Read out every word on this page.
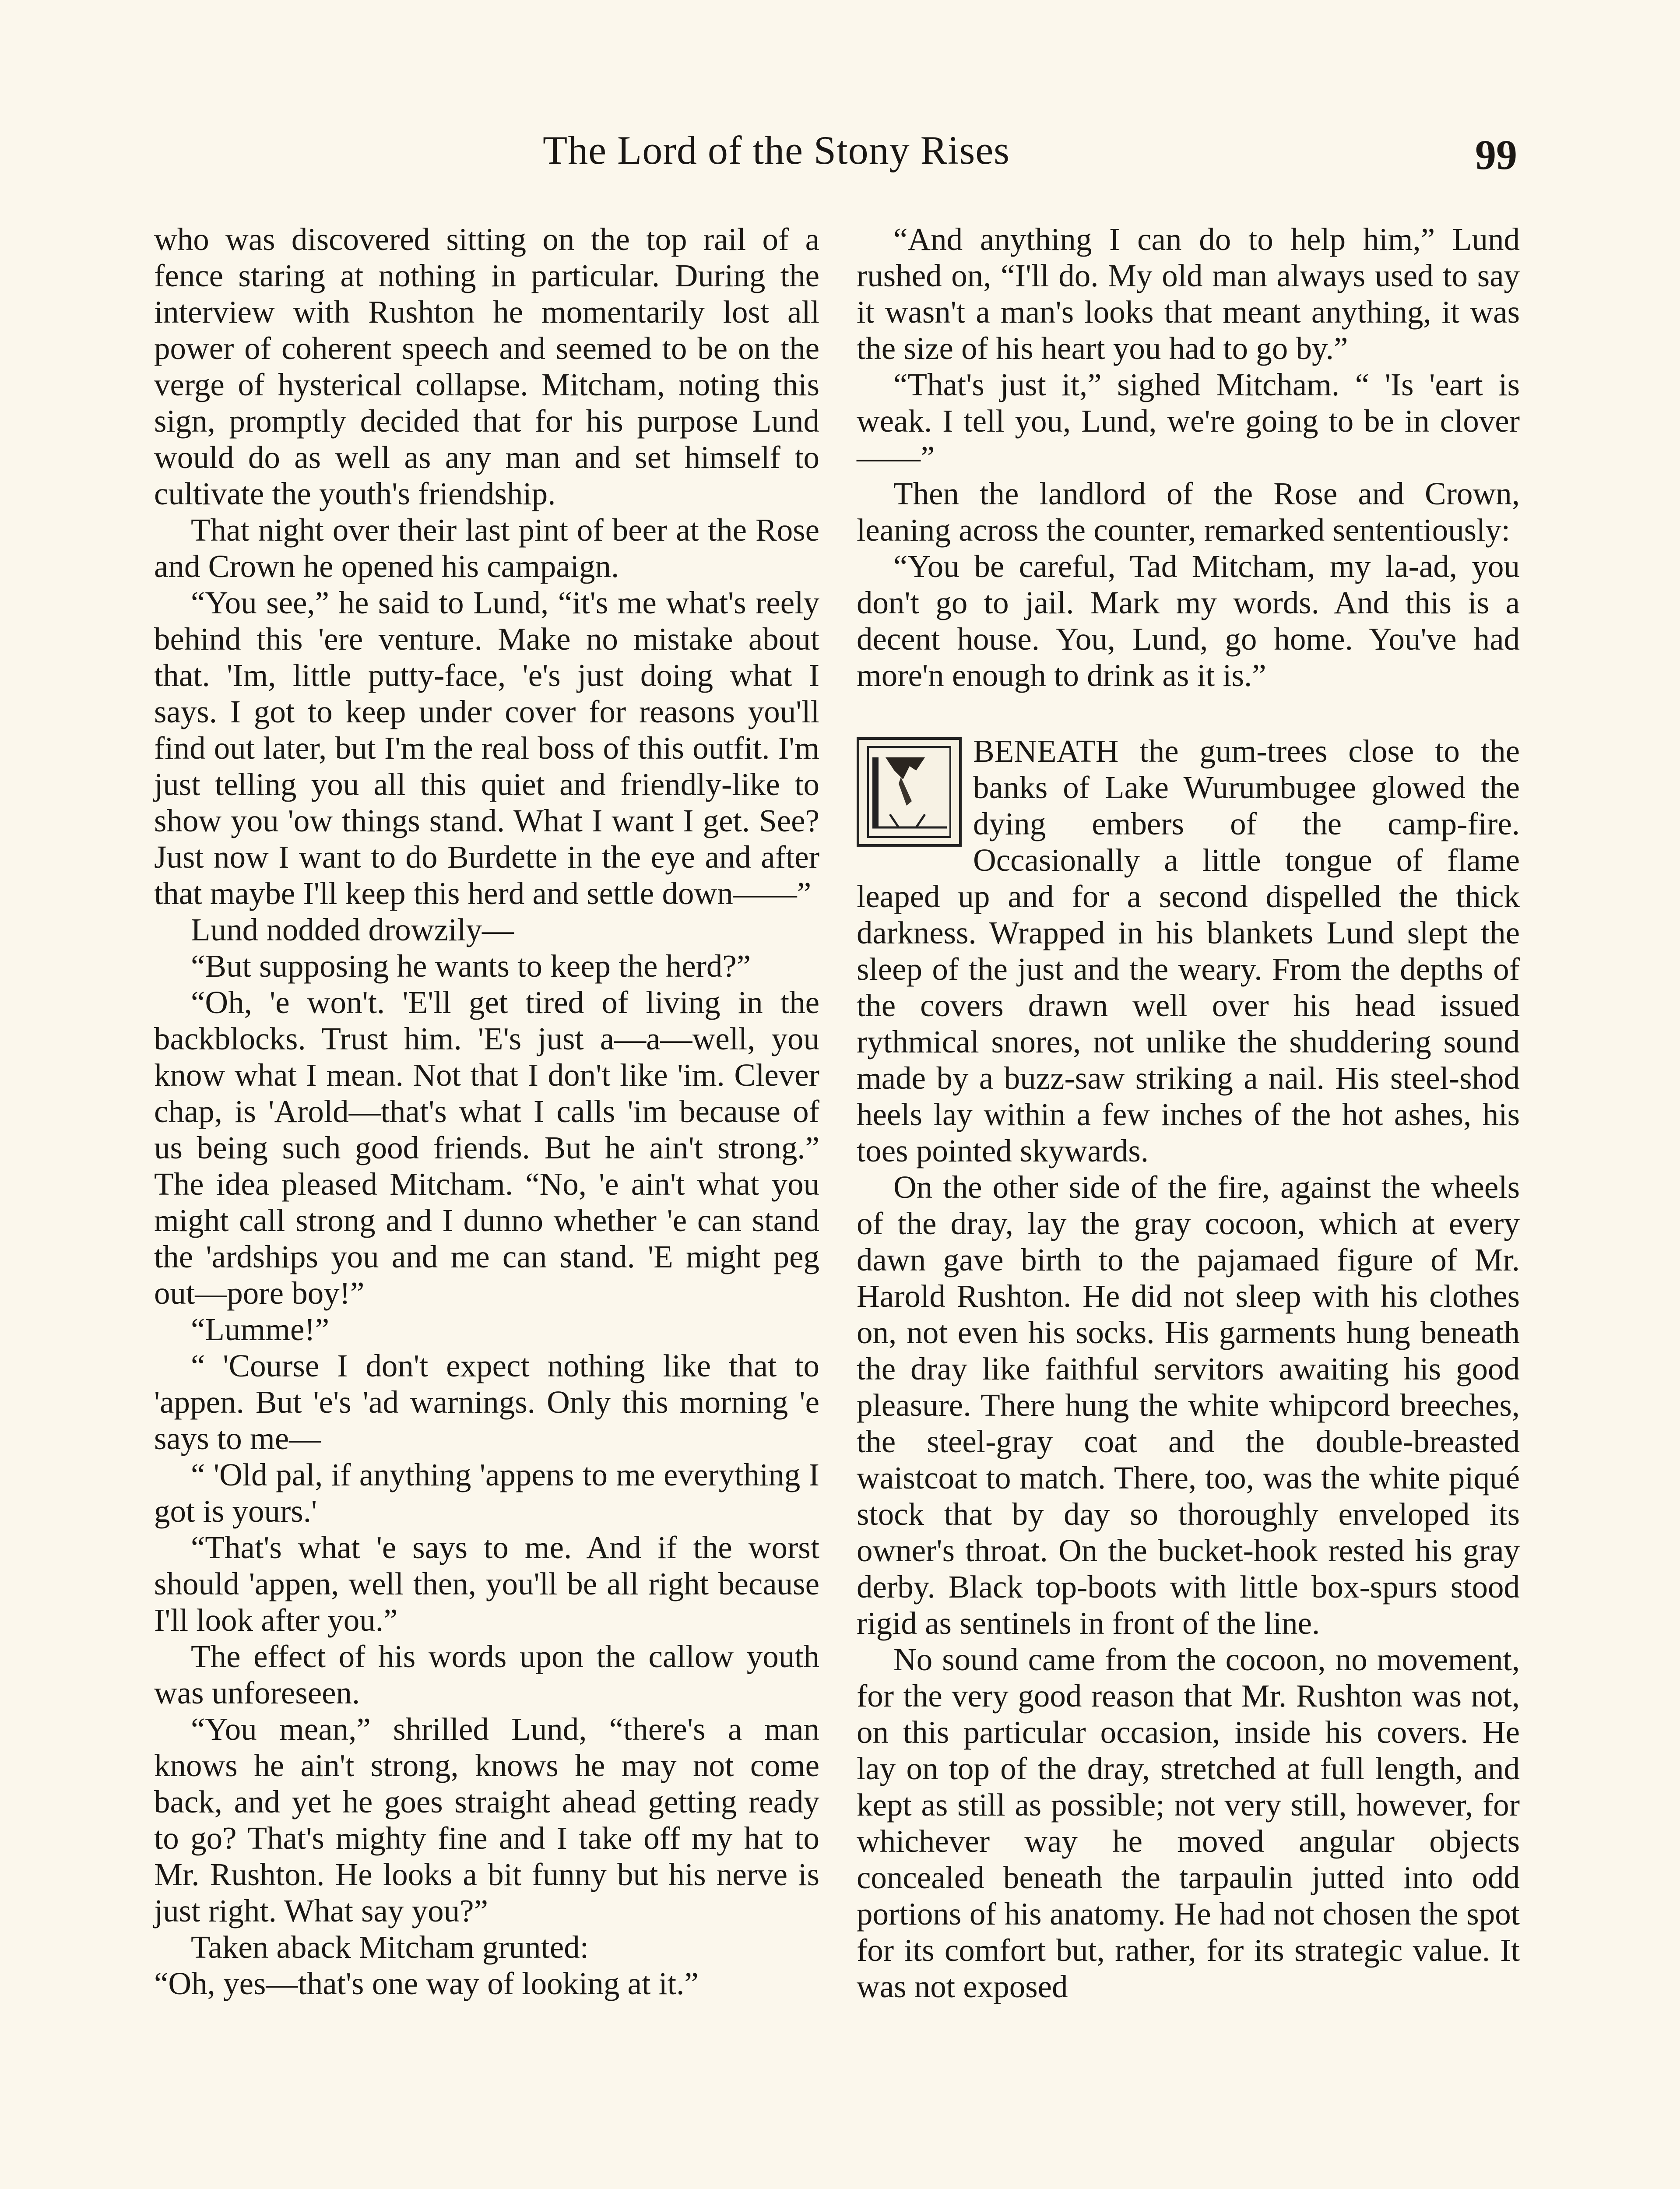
The Lord of the Stony Rises	99

who was discovered sitting on the top rail of a fence staring at nothing in particular. During the interview with Rushton he momentarily lost all power of coherent speech and seemed to be on the verge of hysterical collapse. Mitcham, noting this sign, promptly decided that for his purpose Lund would do as well as any man and set himself to cultivate the youth's friendship.

That night over their last pint of beer at the Rose and Crown he opened his campaign.

“You see,” he said to Lund, “it's me what's reely behind this 'ere venture. Make no mistake about that. 'Im, little putty-face, 'e's just doing what I says. I got to keep under cover for reasons you'll find out later, but I'm the real boss of this outfit. I'm just telling you all this quiet and friendly-like to show you 'ow things stand. What I want I get. See? Just now I want to do Burdette in the eye and after that maybe I'll keep this herd and settle down——”

Lund nodded drowzily—

“But supposing he wants to keep the herd?”

“Oh, 'e won't. 'E'll get tired of living in the backblocks. Trust him. 'E's just a—a—well, you know what I mean. Not that I don't like 'im. Clever chap, is 'Arold—that's what I calls 'im because of us being such good friends. But he ain't strong.” The idea pleased Mitcham. “No, 'e ain't what you might call strong and I dunno whether 'e can stand the 'ardships you and me can stand. 'E might peg out—pore boy!”

“Lumme!”

“ 'Course I don't expect nothing like that to 'appen. But 'e's 'ad warnings. Only this morning 'e says to me—

“ 'Old pal, if anything 'appens to me everything I got is yours.'

“That's what 'e says to me. And if the worst should 'appen, well then, you'll be all right because I'll look after you.”

The effect of his words upon the callow youth was unforeseen.

“You mean,” shrilled Lund, “there's a man knows he ain't strong, knows he may not come back, and yet he goes straight ahead getting ready to go? That's mighty fine and I take off my hat to Mr. Rushton. He looks a bit funny but his nerve is just right. What say you?”

Taken aback Mitcham grunted:

“Oh, yes—that's one way of looking at it.”

“And anything I can do to help him,” Lund rushed on, “I'll do. My old man always used to say it wasn't a man's looks that meant anything, it was the size of his heart you had to go by.”

“That's just it,” sighed Mitcham. “ 'Is 'eart is weak. I tell you, Lund, we're going to be in clover——”

Then the landlord of the Rose and Crown, leaning across the counter, remarked sententiously:

“You be careful, Tad Mitcham, my la-ad, you don't go to jail. Mark my words. And this is a decent house. You, Lund, go home. You've had more'n enough to drink as it is.”

BENEATH the gum-trees close to the banks of Lake Wurumbugee glowed the dying embers of the camp-fire. Occasionally a little tongue of flame leaped up and for a second dispelled the thick darkness. Wrapped in his blankets Lund slept the sleep of the just and the weary. From the depths of the covers drawn well over his head issued rythmical snores, not unlike the shuddering sound made by a buzz-saw striking a nail. His steel-shod heels lay within a few inches of the hot ashes, his toes pointed skywards.

On the other side of the fire, against the wheels of the dray, lay the gray cocoon, which at every dawn gave birth to the pajamaed figure of Mr. Harold Rushton. He did not sleep with his clothes on, not even his socks. His garments hung beneath the dray like faithful servitors awaiting his good pleasure. There hung the white whipcord breeches, the steel-gray coat and the double-breasted waistcoat to match. There, too, was the white piqué stock that by day so thoroughly enveloped its owner's throat. On the bucket-hook rested his gray derby. Black top-boots with little box-spurs stood rigid as sentinels in front of the line.

No sound came from the cocoon, no movement, for the very good reason that Mr. Rushton was not, on this particular occasion, inside his covers. He lay on top of the dray, stretched at full length, and kept as still as possible; not very still, however, for whichever way he moved angular objects concealed beneath the tarpaulin jutted into odd portions of his anatomy. He had not chosen the spot for its comfort but, rather, for its strategic value. It was not exposed
